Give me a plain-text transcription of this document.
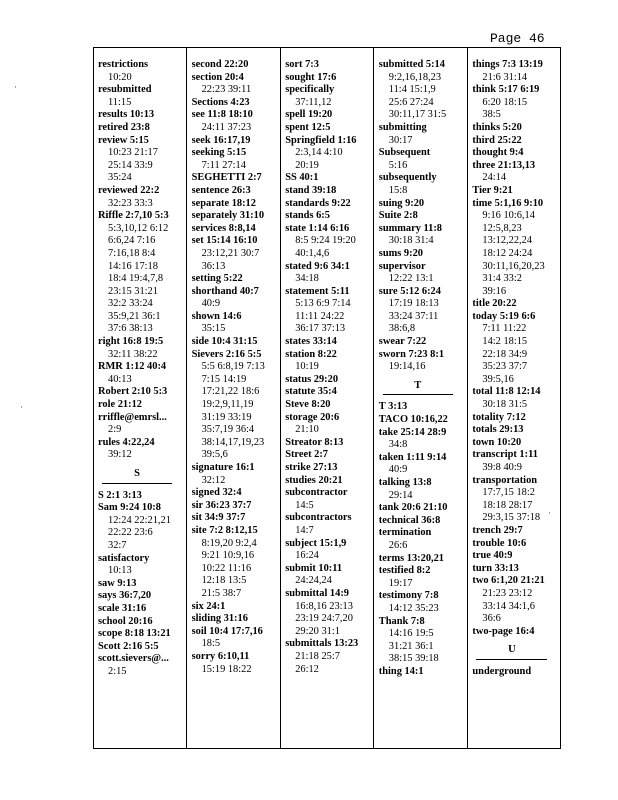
Page 46
restrictions
10:20
resubmitted
11:15
results 10:13
retired 23:8
review 5:15
10:23 21:17
25:14 33:9
35:24
reviewed 22:2
32:23 33:3
Riffle 2:7,10 5:3
5:3,10,12 6:12
6:6,24 7:16
7:16,18 8:4
14:16 17:18
18:4 19:4,7,8
23:15 31:21
32:2 33:24
35:9,21 36:1
37:6 38:13
right 16:8 19:5
32:11 38:22
RMR 1:12 40:4
40:13
Robert 2:10 5:3
role 21:12
rriffle@emrsl...
2:9
rules 4:22,24
39:12
S
S 2:1 3:13
Sam 9:24 10:8
12:24 22:21,21
22:22 23:6
32:7
satisfactory
10:13
saw 9:13
says 36:7,20
scale 31:16
school 20:16
scope 8:18 13:21
Scott 2:16 5:5
scott.sievers@...
2:15
second 22:20
section 20:4
22:23 39:11
Sections 4:23
see 11:8 18:10
24:11 37:23
seek 16:17,19
seeking 5:15
7:11 27:14
SEGHETTI 2:7
sentence 26:3
separate 18:12
separately 31:10
services 8:8,14
set 15:14 16:10
23:12,21 30:7
36:13
setting 5:22
shorthand 40:7
40:9
shown 14:6
35:15
side 10:4 31:15
Sievers 2:16 5:5
5:5 6:8,19 7:13
7:15 14:19
17:21,22 18:6
19:2,9,11,19
31:19 33:19
35:7,19 36:4
38:14,17,19,23
39:5,6
signature 16:1
32:12
signed 32:4
sir 36:23 37:7
sit 34:9 37:7
site 7:2 8:12,15
8:19,20 9:2,4
9:21 10:9,16
10:22 11:16
12:18 13:5
21:5 38:7
six 24:1
sliding 31:16
soil 10:4 17:7,16
18:5
sorry 6:10,11
15:19 18:22
sort 7:3
sought 17:6
specifically
37:11,12
spell 19:20
spent 12:5
Springfield 1:16
2:3,14 4:10
20:19
SS 40:1
stand 39:18
standards 9:22
stands 6:5
state 1:14 6:16
8:5 9:24 19:20
40:1,4,6
stated 9:6 34:1
34:18
statement 5:11
5:13 6:9 7:14
11:11 24:22
36:17 37:13
states 33:14
station 8:22
10:19
status 29:20
statute 35:4
Steve 8:20
storage 20:6
21:10
Streator 8:13
Street 2:7
strike 27:13
studies 20:21
subcontractor
14:5
subcontractors
14:7
subject 15:1,9
16:24
submit 10:11
24:24,24
submittal 14:9
16:8,16 23:13
23:19 24:7,20
29:20 31:1
submittals 13:23
21:18 25:7
26:12
submitted 5:14
9:2,16,18,23
11:4 15:1,9
25:6 27:24
30:11,17 31:5
submitting
30:17
Subsequent
5:16
subsequently
15:8
suing 9:20
Suite 2:8
summary 11:8
30:18 31:4
sums 9:20
supervisor
12:22 13:1
sure 5:12 6:24
17:19 18:13
33:24 37:11
38:6,8
swear 7:22
sworn 7:23 8:1
19:14,16
T
T 3:13
TACO 10:16,22
take 25:14 28:9
34:8
taken 1:11 9:14
40:9
talking 13:8
29:14
tank 20:6 21:10
technical 36:8
termination
26:6
terms 13:20,21
testified 8:2
19:17
testimony 7:8
14:12 35:23
Thank 7:8
14:16 19:5
31:21 36:1
38:15 39:18
thing 14:1
things 7:3 13:19
21:6 31:14
think 5:17 6:19
6:20 18:15
38:5
thinks 5:20
third 25:22
thought 9:4
three 21:13,13
24:14
Tier 9:21
time 5:1,16 9:10
9:16 10:6,14
12:5,8,23
13:12,22,24
18:12 24:24
30:11,16,20,23
31:4 33:2
39:16
title 20:22
today 5:19 6:6
7:11 11:22
14:2 18:15
22:18 34:9
35:23 37:7
39:5,16
total 11:8 12:14
30:18 31:5
totality 7:12
totals 29:13
town 10:20
transcript 1:11
39:8 40:9
transportation
17:7,15 18:2
18:18 28:17
29:3,15 37:18
trench 29:7
trouble 10:6
true 40:9
turn 33:13
two 6:1,20 21:21
21:23 23:12
33:14 34:1,6
36:6
two-page 16:4
U
underground
·
·
·
